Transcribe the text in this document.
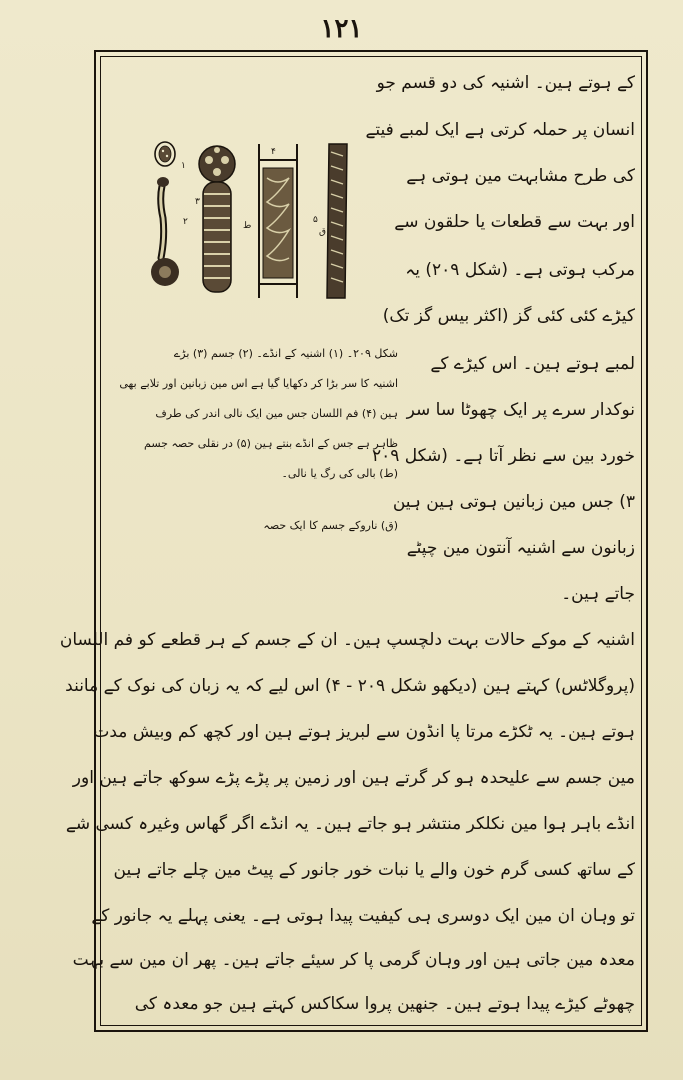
۱۲۱
کے ہوتے ہین۔ اشنیہ کی دو قسم جو
انسان پر حملہ کرتی ہے ایک لمبے فیتے
کی طرح مشابہت مین ہوتی ہے
اور بہت سے قطعات یا حلقون سے
مرکب ہوتی ہے۔ (شکل ۲۰۹) یہ
کیڑے کئی کئی گز (اکثر بیس گز تک)
لمبے ہوتے ہین۔ اس کیڑے کے
نوکدار سرے پر ایک چھوٹا سا سر
خورد بین سے نظر آتا ہے۔ (شکل ۲۰۹
۳) جس مین زبانین ہوتی ہین ہین
زبانون سے اشنیہ آنتون مین چپٹے
جاتے ہین۔
شکل ۲۰۹۔ (۱) اشنیہ کے انڈے۔ (۲) جسم (۳) بڑے
اشنیہ کا سر بڑا کر دکھایا گیا ہے اس مین زبانین اور تلابے بھی
ہین (۴) فم اللسان جس مین ایک نالی اندر کی طرف
ظاہر ہے جس کے انڈے بنتے ہین (۵) در نقلی حصہ جسم
(ط) بالی کی رگ یا نالی۔
(ق) ناروکے جسم کا ایک حصہ
اشنیہ کے موکے حالات بہت دلچسپ ہین۔ ان کے جسم کے ہر قطعے کو فم اللسان
(پروگلاٹس) کہتے ہین (دیکھو شکل ۲۰۹ - ۴) اس لیے کہ یہ زبان کی نوک کے مانند
ہوتے ہین۔ یہ ٹکڑے مرتا پا انڈون سے لبریز ہوتے ہین اور کچھ کم وبیش مدت
مین جسم سے علیحدہ ہو کر گرتے ہین اور زمین پر پڑے پڑے سوکھ جاتے ہین اور
انڈے باہر ہوا مین نکلکر منتشر ہو جاتے ہین۔ یہ انڈے اگر گھاس وغیرہ کسی شے
کے ساتھ کسی گرم خون والے یا نبات خور جانور کے پیٹ مین چلے جاتے ہین
تو وہان ان مین ایک دوسری ہی کیفیت پیدا ہوتی ہے۔ یعنی پہلے یہ جانور کے
معدہ مین جاتی ہین اور وہان گرمی پا کر سیئے جاتے ہین۔ پھر ان مین سے بہت
چھوٹے کیڑے پیدا ہوتے ہین۔ جنھین پروا سکاکس کہتے ہین جو معدہ کی
۱
۲
۳
۴
ط
۵
ق
